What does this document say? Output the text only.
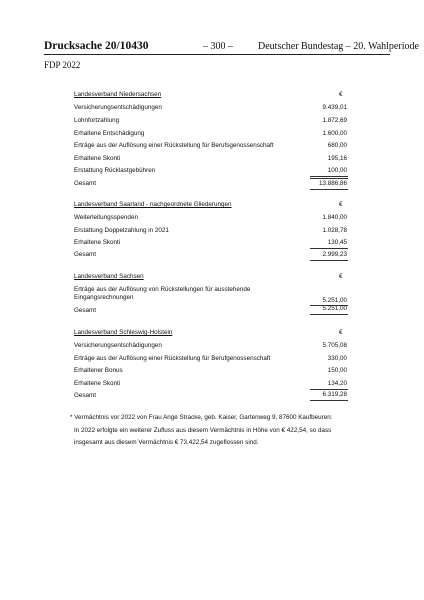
Drucksache 20/10430	– 300 –	Deutscher Bundestag – 20. Wahlperiode
FDP 2022
Landesverband Niedersachsen	€
Versicherungsentschädigungen	9.439,01
Lohnfortzahlung	1.872,69
Erhaltene Entschädigung	1.600,00
Erträge aus der Auflösung einer Rückstellung für Berufsgenossenschaft	680,00
Erhaltene Skonti	195,16
Erstattung Rücklastgebühren	100,00
Gesamt	13.886,86
Landesverband Saarland - nachgeordnete Gliederungen	€
Weiterleitungsspenden	1.840,00
Erstattung Doppelzahlung in 2021	1.028,78
Erhaltene Skonti	130,45
Gesamt	2.999,23
Landesverband Sachsen	€
Erträge aus der Auflösung von Rückstellungen für ausstehende
Eingangsrechnungen	5.251,00
Gesamt	5.251,00
Landesverband Schleswig-Holstein	€
Versicherungsentschädigungen	5.705,08
Erträge aus der Auflösung einer Rückstellung für Berufgenossenschaft	330,00
Erhaltener Bonus	150,00
Erhaltene Skonti	134,20
Gesamt	6.319,28
* Vermächtnis vor 2022 von Frau Ange Stracke, geb. Kaiser, Gartenweg 9, 87600 Kaufbeuren:
In 2022 erfolgte ein weiterer Zufluss aus diesem Vermächtnis in Höhe von € 422,54, so dass
insgesamt aus diesem Vermächtnis € 73.422,54 zugeflossen sind.
